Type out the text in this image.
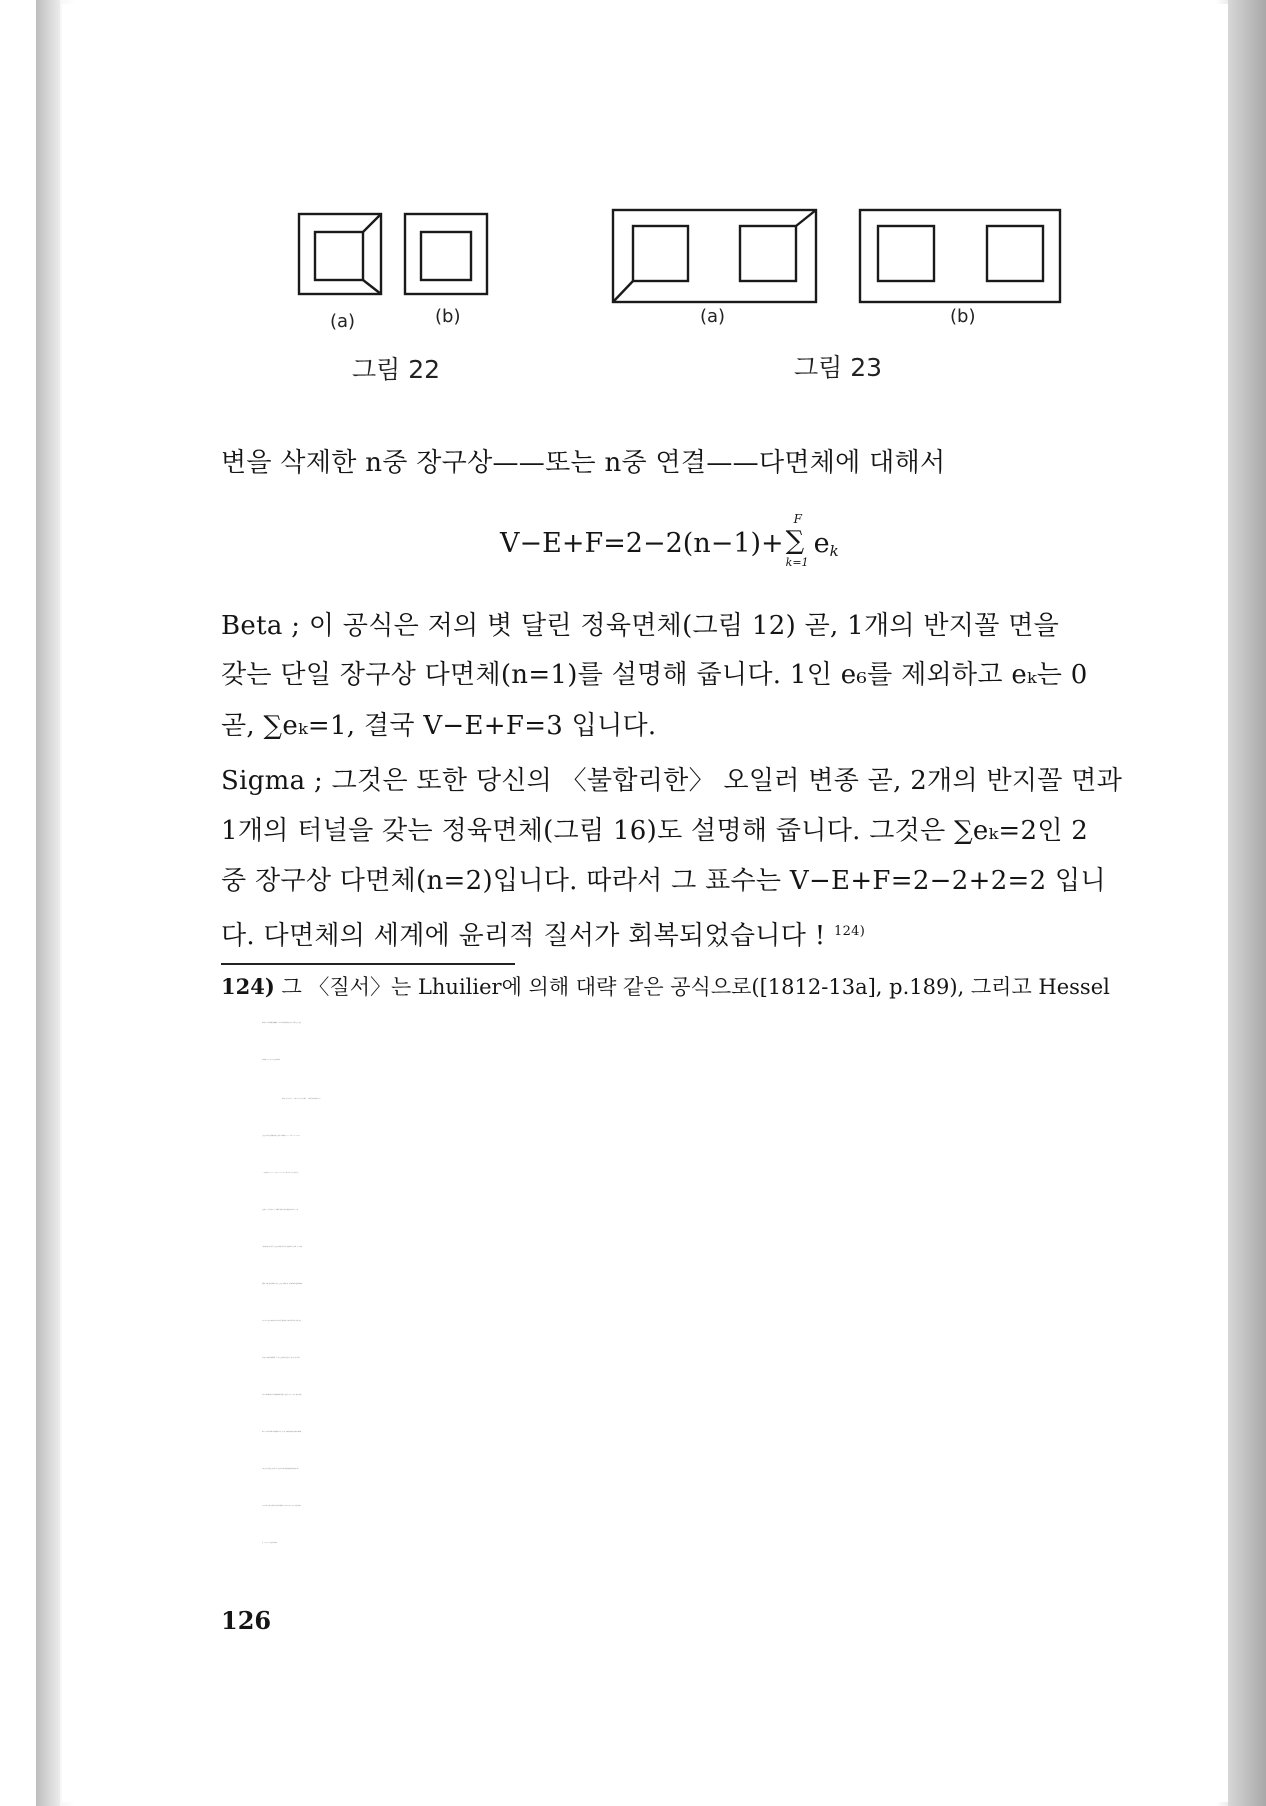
(a)	(b)	(a)	(b)
그림 22	그림 23
변을 삭제한 n중 장구상——또는 n중 연결——다면체에 대해서
V−E+F=2−2(n−1)+
F
∑
k=1
$e_k$
Beta ; 이 공식은 저의 볏 달린 정육면체(그림 12) 곧, 1개의 반지꼴 면을
갖는 단일 장구상 다면체(n=1)를 설명해 줍니다. 1인 e₆를 제외하고 eₖ는 0
곧, ∑eₖ=1, 결국 V−E+F=3 입니다.
Sigma ; 그것은 또한 당신의 〈불합리한〉 오일러 변종 곧, 2개의 반지꼴 면과
1개의 터널을 갖는 정육면체(그림 16)도 설명해 줍니다. 그것은 ∑eₖ=2인 2
중 장구상 다면체(n=2)입니다. 따라서 그 표수는 V−E+F=2−2+2=2 입니
다. 다면체의 세계에 윤리적 질서가 회복되었습니다 ! $^{124)}$
124) 그 〈질서〉는 Lhuilier에 의해 대략 같은 공식으로([1812-13a], p.189), 그리고 Hessel
에 의해 Euler 다면체를 함께 맞추는 여러 가지 방법에 대한 솜씨 없는 특별한 공식으로 회
복되었다. p.110, 주 107)을 참조하여라.
역사적으로 Lhuilier는——그의 논문 [1812-13a]에서——소박한 추측에 의해서 Euler
공식을 그럭저럭 일반화하여 다음 공식에 도달하였다. V−E+F=2[(C−T+1)+(p₁+p₂
+…)][*역자 주——V−E+F=2(C−T+1)+p₁+p₂+…의 오기인 듯함.] 여기서 C는
공동의 수, T는 터널의 수, pᵢ는 i번째 면 위에 있는 내부 다각형의 수이다. 그는 또한
〈내부 다각형〉에 관한 한 그것을 증명하였으나 터널이 그를 좌절시킨 듯하다. 그는 그의 세
종류의 〈예외〉를 설명하려는 의도로 공식을 구성하였으나, 그의 예외 목록은 불완전하였다
(p.53, 주 30)을 참조하여라). 더욱이 이러한 불완전성이 그의 소박한 추측이 거짓인 유일
한 이유는 아니었다. 왜냐하면, 그는 여러 공동이 다중 연결일 수도 있으며, 가지 친 터널
이 있는 다면체에서 터널의 수를 명확하게 결정할 수 없을 수도 있고, 그것은 〈내부 다각형
의 수〉가 아니라 관련된 반지꼴 면의 수라는 가능성도 있음에 주목하지 못하였기 때문이다
(그의 공식은 한 변을 공유하고 있는 이웃한 두 내부 다각형에 대해 성립하지 않는다).
Lhuilier의 〈귀납적 일반화〉의 비판에 대해서는 Listing [1861], pp.98-9를 보아라. 또
한 , p.143, 주 148)을 참조하여라.
126
